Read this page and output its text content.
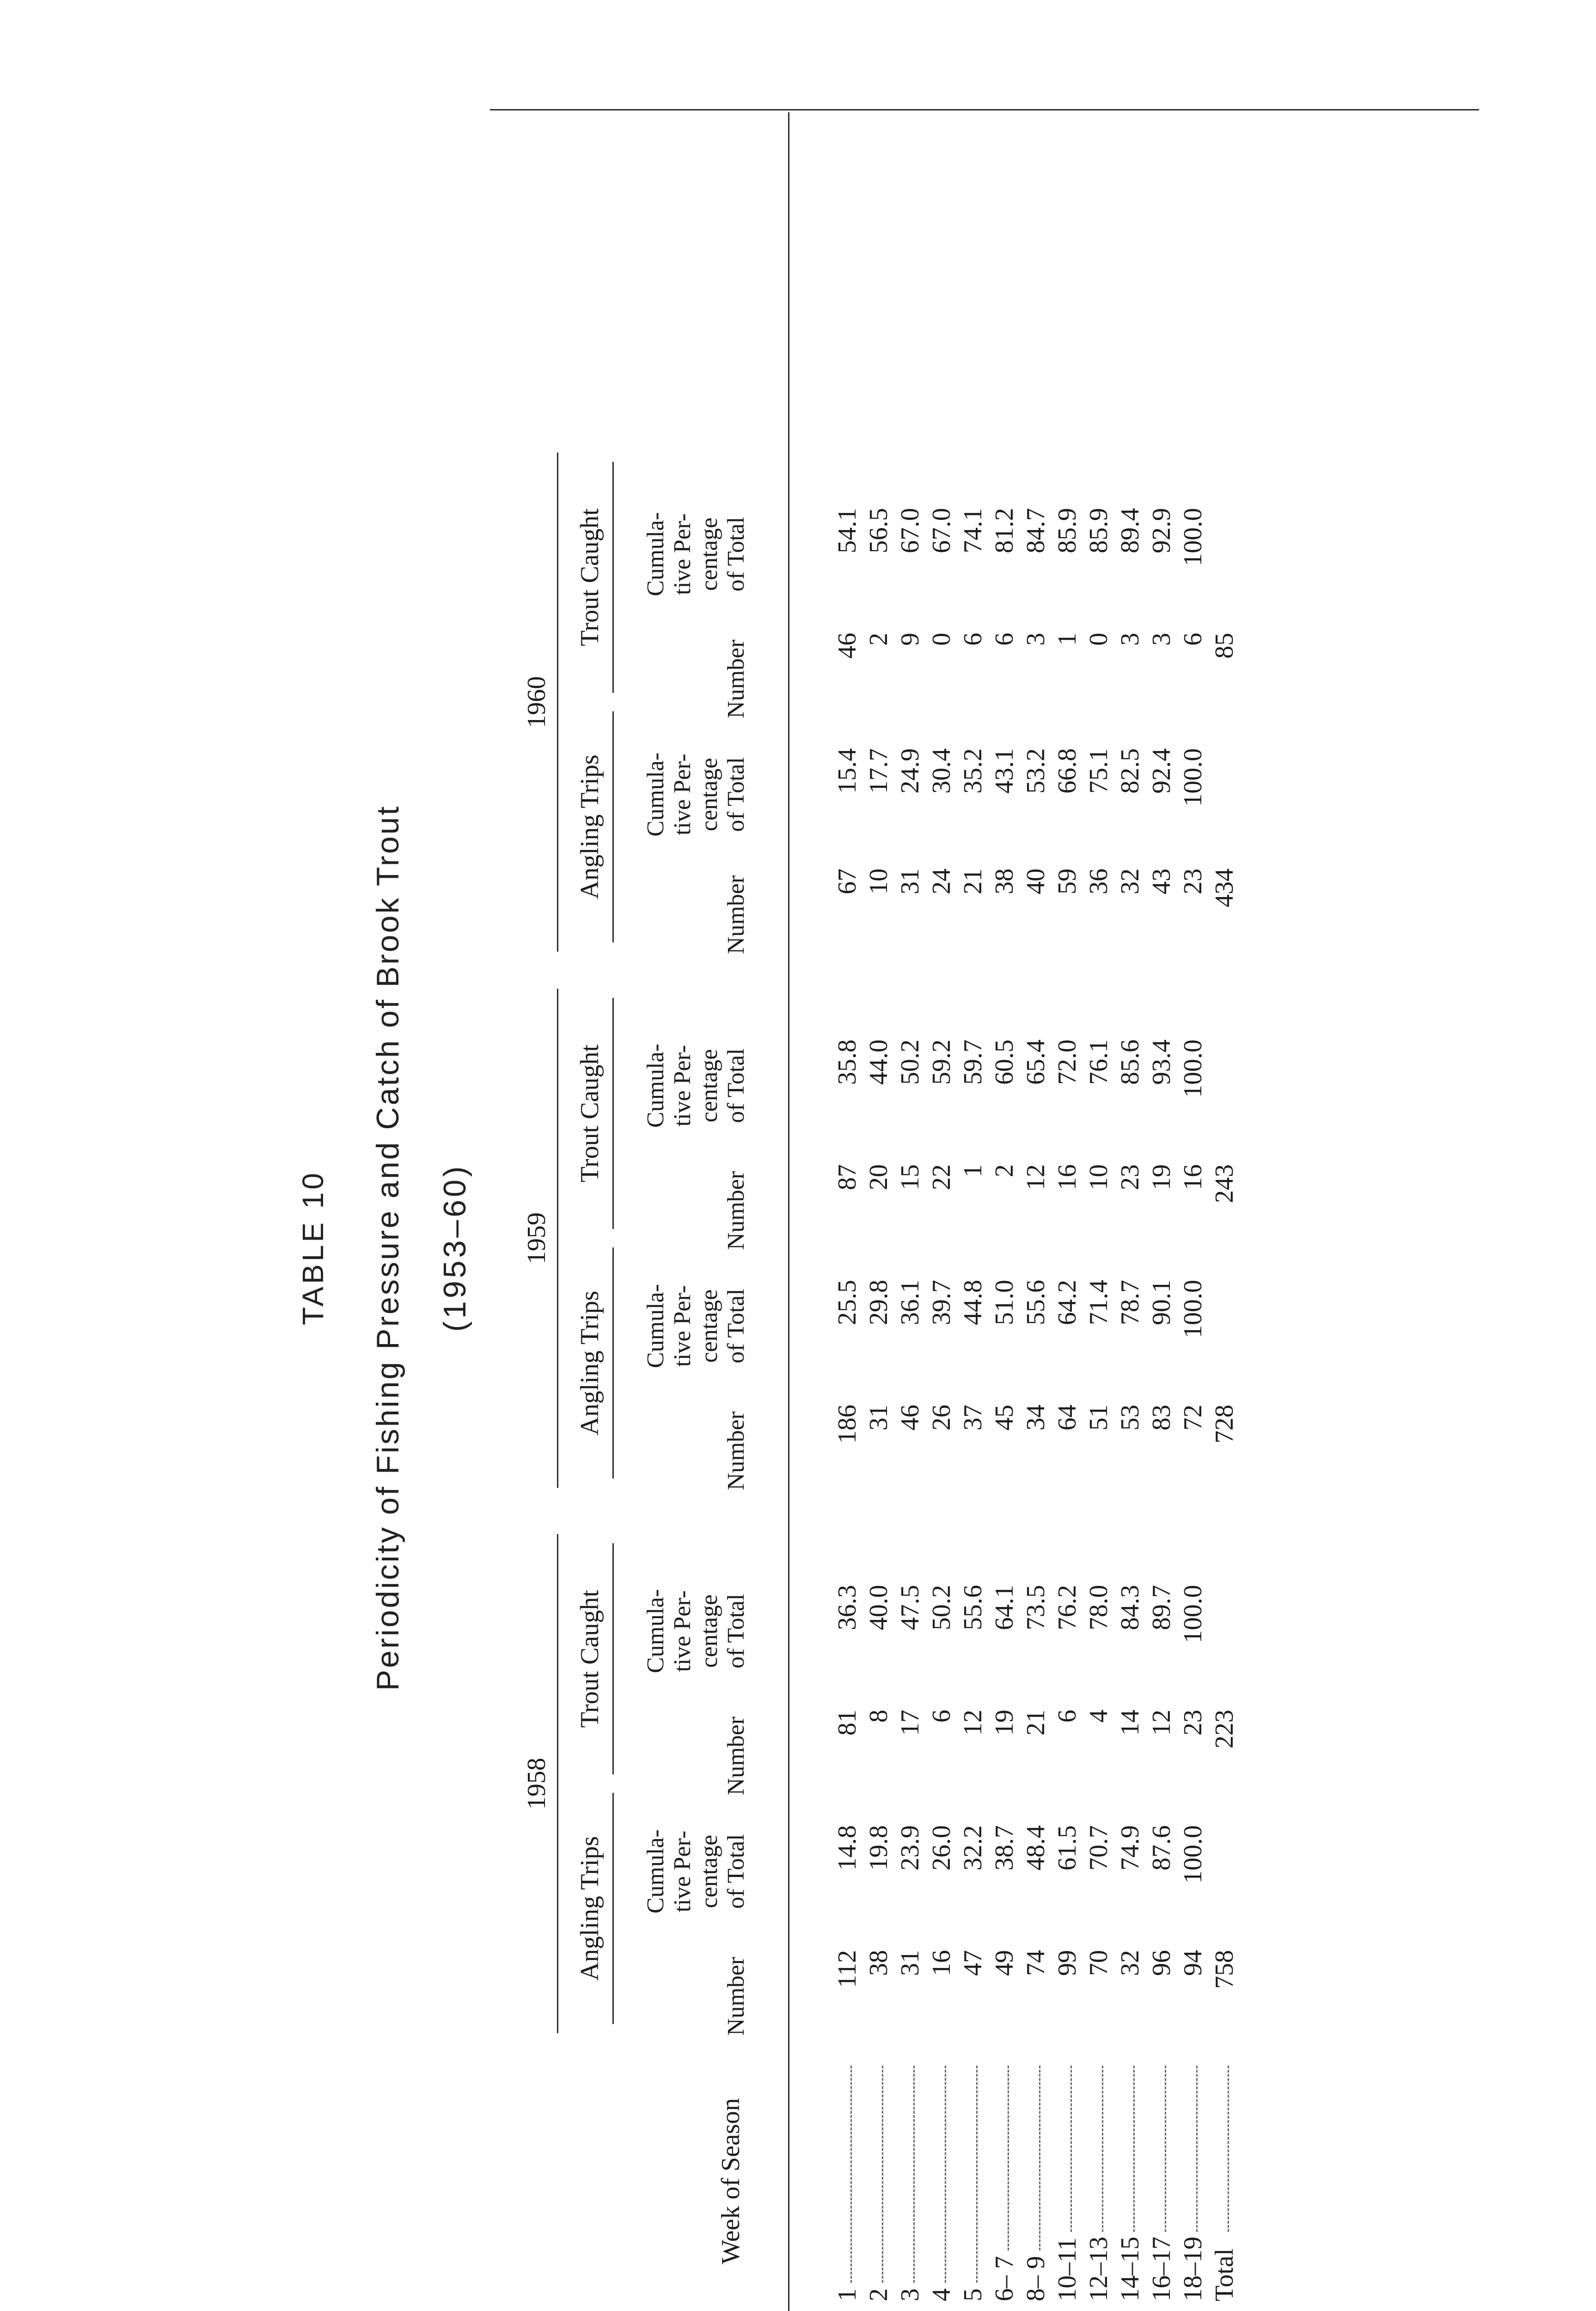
TABLE 10 Periodicity of Fishing Pressure and Catch of Brook Trout (1953–60)
1958
Angling Trips
Trout Caught
1959
Angling Trips
Trout Caught
1960
Angling Trips
Trout Caught
Week of Season
Number
Cumula- tive Per- centage of Total
Number
Cumula- tive Per- centage of Total
Number
Cumula- tive Per- centage of Total
Number
Cumula- tive Per- centage of Total
Number
Cumula- tive Per- centage of Total
Number
Cumula- tive Per- centage of Total
1
112
14.8
81
36.3
186
25.5
87
35.8
67
15.4
46
54.1
2
38
19.8
8
40.0
31
29.8
20
44.0
10
17.7
2
56.5
3
31
23.9
17
47.5
46
36.1
15
50.2
31
24.9
9
67.0
4
16
26.0
6
50.2
26
39.7
22
59.2
24
30.4
0
67.0
5
47
32.2
12
55.6
37
44.8
1
59.7
21
35.2
6
74.1
6– 7
49
38.7
19
64.1
45
51.0
2
60.5
38
43.1
6
81.2
8– 9
74
48.4
21
73.5
34
55.6
12
65.4
40
53.2
3
84.7
10–11
99
61.5
6
76.2
64
64.2
16
72.0
59
66.8
1
85.9
12–13
70
70.7
4
78.0
51
71.4
10
76.1
36
75.1
0
85.9
14–15
32
74.9
14
84.3
53
78.7
23
85.6
32
82.5
3
89.4
16–17
96
87.6
12
89.7
83
90.1
19
93.4
43
92.4
3
92.9
18–19
94
100.0
23
100.0
72
100.0
16
100.0
23
100.0
6
100.0
Total
758
223
728
243
434
85
